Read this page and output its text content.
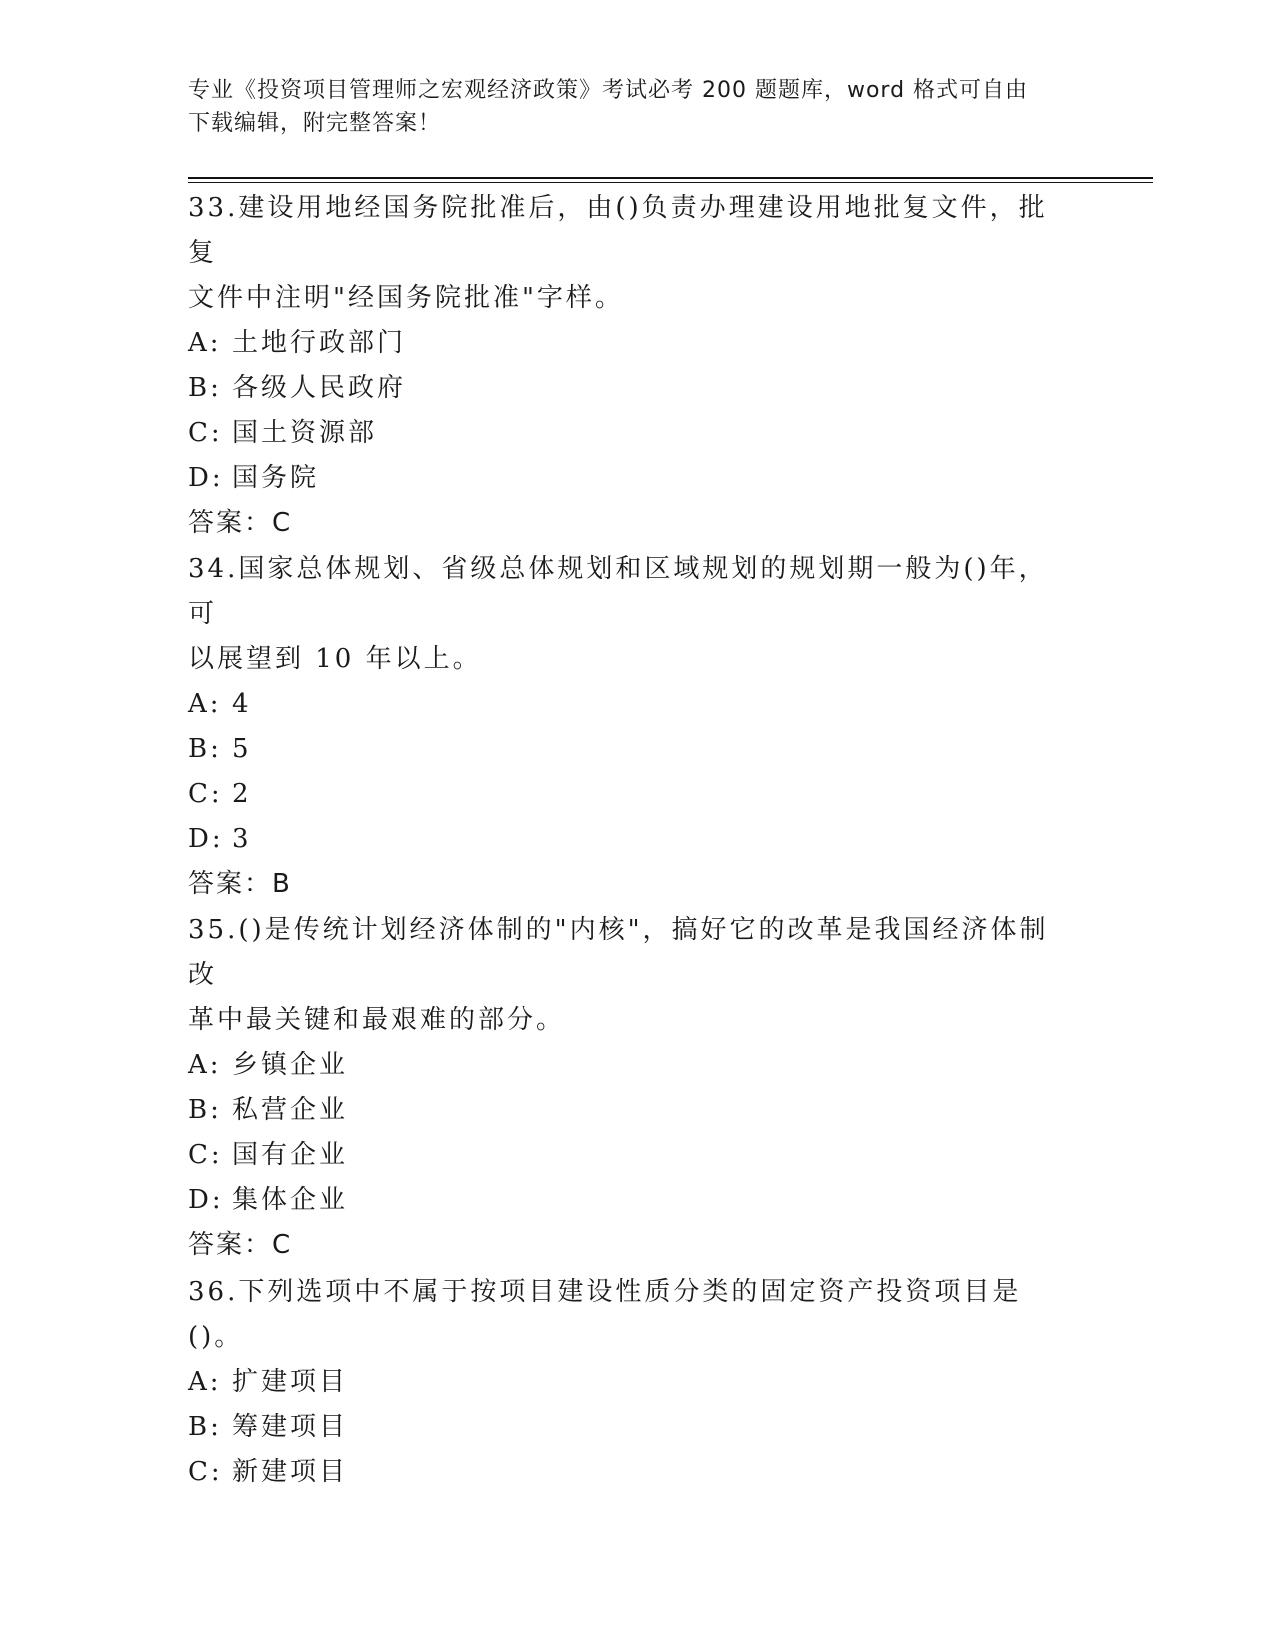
专业《投资项目管理师之宏观经济政策》考试必考 200 题题库，word 格式可自由
下载编辑，附完整答案！

33.建设用地经国务院批准后，由()负责办理建设用地批复文件，批复

文件中注明"经国务院批准"字样。

A: 土地行政部门

B: 各级人民政府

C: 国土资源部

D: 国务院

答案：C

34.国家总体规划、省级总体规划和区域规划的规划期一般为()年，可

以展望到 10 年以上。

A: 4

B: 5

C: 2

D: 3

答案：B

35.()是传统计划经济体制的"内核"，搞好它的改革是我国经济体制改

革中最关键和最艰难的部分。

A: 乡镇企业

B: 私营企业

C: 国有企业

D: 集体企业

答案：C

36.下列选项中不属于按项目建设性质分类的固定资产投资项目是()。

A: 扩建项目

B: 筹建项目

C: 新建项目
